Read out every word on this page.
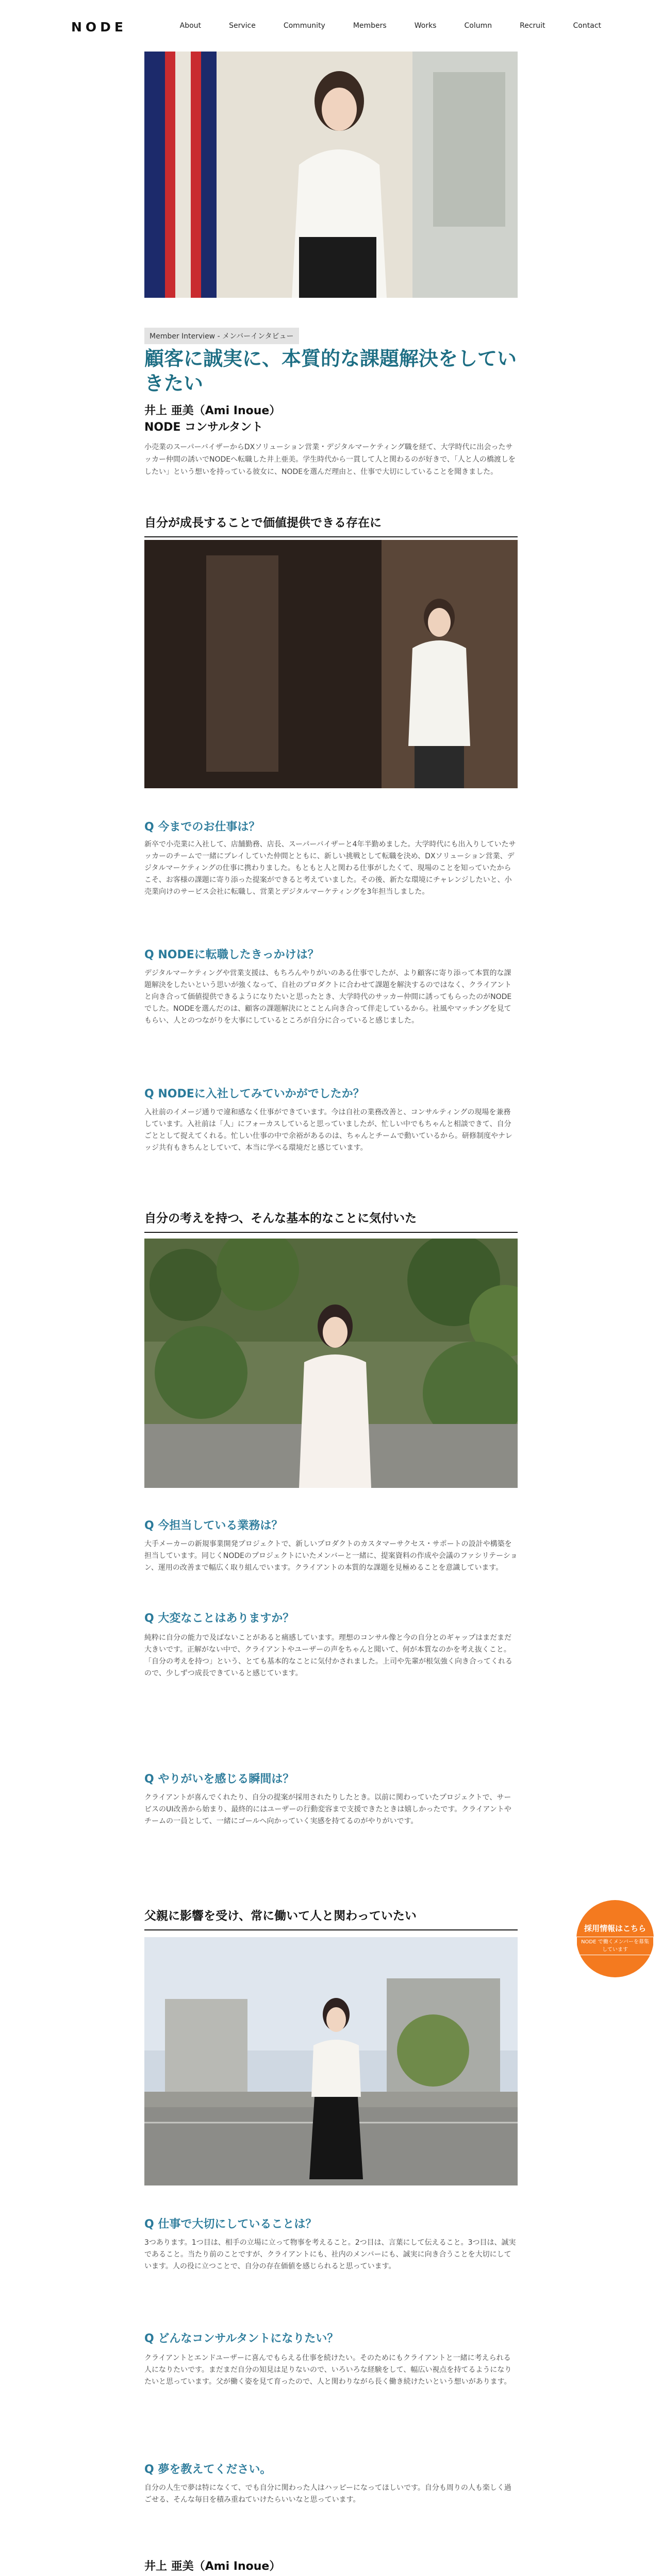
NODE	About	Service	Community	Members	Works	Column	Recruit	Contact
Member Interview - メンバーインタビュー
顧客に誠実に、本質的な課題解決をしていきたい
井上 亜美（Ami Inoue）
NODE コンサルタント
小売業のスーパーバイザーからDXソリューション営業・デジタルマーケティング職を経て、大学時代に出会ったサッカー仲間の誘いでNODEへ転職した井上亜美。学生時代から一貫して人と関わるのが好きで、「人と人の橋渡しをしたい」という想いを持っている彼女に、NODEを選んだ理由と、仕事で大切にしていることを聞きました。
自分が成長することで価値提供できる存在に
Q 今までのお仕事は？
新卒で小売業に入社して、店舗勤務、店長、スーパーバイザーと4年半勤めました。大学時代にも出入りしていたサッカーのチームで一緒にプレイしていた仲間とともに、新しい挑戦として転職を決め、DXソリューション営業、デジタルマーケティングの仕事に携わりました。もともと人と関わる仕事がしたくて、現場のことを知っていたからこそ、お客様の課題に寄り添った提案ができると考えていました。その後、新たな環境にチャレンジしたいと、小売業向けのサービス会社に転職し、営業とデジタルマーケティングを3年担当しました。
Q NODEに転職したきっかけは？
デジタルマーケティングや営業支援は、もちろんやりがいのある仕事でしたが、より顧客に寄り添って本質的な課題解決をしたいという思いが強くなって、自社のプロダクトに合わせて課題を解決するのではなく、クライアントと向き合って価値提供できるようになりたいと思ったとき、大学時代のサッカー仲間に誘ってもらったのがNODEでした。NODEを選んだのは、顧客の課題解決にとことん向き合って伴走しているから。社風やマッチングを見てもらい、人とのつながりを大事にしているところが自分に合っていると感じました。
Q NODEに入社してみていかがでしたか？
入社前のイメージ通りで違和感なく仕事ができています。今は自社の業務改善と、コンサルティングの現場を兼務しています。入社前は「人」にフォーカスしていると思っていましたが、忙しい中でもちゃんと相談できて、自分ごととして捉えてくれる。忙しい仕事の中で余裕があるのは、ちゃんとチームで動いているから。研修制度やナレッジ共有もきちんとしていて、本当に学べる環境だと感じています。
自分の考えを持つ、そんな基本的なことに気付いた
Q 今担当している業務は？
大手メーカーの新規事業開発プロジェクトで、新しいプロダクトのカスタマーサクセス・サポートの設計や構築を担当しています。同じくNODEのプロジェクトにいたメンバーと一緒に、提案資料の作成や会議のファシリテーション、運用の改善まで幅広く取り組んでいます。クライアントの本質的な課題を見極めることを意識しています。
Q 大変なことはありますか？
純粋に自分の能力で及ばないことがあると痛感しています。理想のコンサル像と今の自分とのギャップはまだまだ大きいです。正解がない中で、クライアントやユーザーの声をちゃんと聞いて、何が本質なのかを考え抜くこと。「自分の考えを持つ」という、とても基本的なことに気付かされました。上司や先輩が根気強く向き合ってくれるので、少しずつ成長できていると感じています。
Q やりがいを感じる瞬間は？
クライアントが喜んでくれたり、自分の提案が採用されたりしたとき。以前に関わっていたプロジェクトで、サービスのUI改善から始まり、最終的にはユーザーの行動変容まで支援できたときは嬉しかったです。クライアントやチームの一員として、一緒にゴールへ向かっていく実感を持てるのがやりがいです。
父親に影響を受け、常に働いて人と関わっていたい
Q 仕事で大切にしていることは？
3つあります。1つ目は、相手の立場に立って物事を考えること。2つ目は、言葉にして伝えること。3つ目は、誠実であること。当たり前のことですが、クライアントにも、社内のメンバーにも、誠実に向き合うことを大切にしています。人の役に立つことで、自分の存在価値を感じられると思っています。
Q どんなコンサルタントになりたい？
クライアントとエンドユーザーに喜んでもらえる仕事を続けたい。そのためにもクライアントと一緒に考えられる人になりたいです。まだまだ自分の知見は足りないので、いろいろな経験をして、幅広い視点を持てるようになりたいと思っています。父が働く姿を見て育ったので、人と関わりながら長く働き続けたいという想いがあります。
Q 夢を教えてください。
自分の人生で夢は特になくて、でも自分に関わった人はハッピーになってほしいです。自分も周りの人も楽しく過ごせる、そんな毎日を積み重ねていけたらいいなと思っています。
井上 亜美（Ami Inoue）
採用情報はこちら
NODE で働くメンバーを募集しています
